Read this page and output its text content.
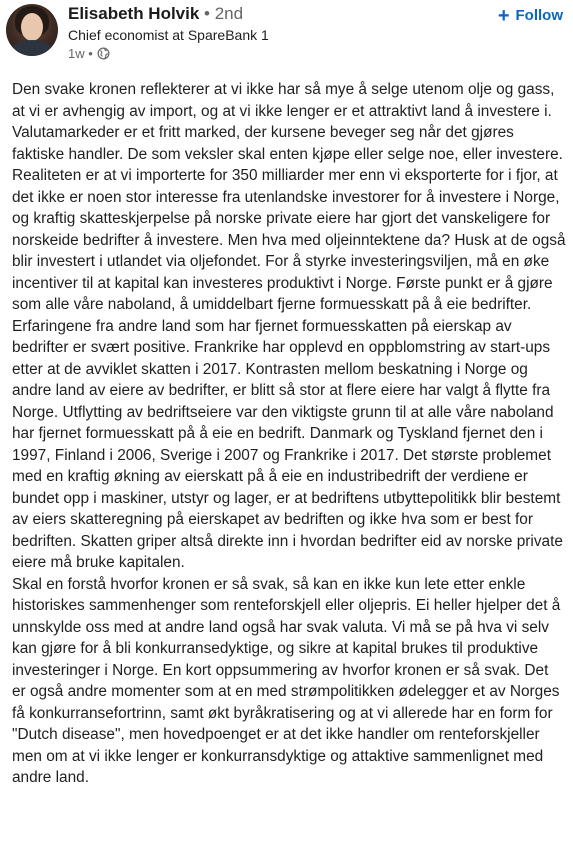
Elisabeth Holvik • 2nd
Chief economist at SpareBank 1
1w •
+ Follow

Den svake kronen reflekterer at vi ikke har så mye å selge utenom olje og gass, at vi er avhengig av import, og at vi ikke lenger er et attraktivt land å investere i. Valutamarkeder er et fritt marked, der kursene beveger seg når det gjøres faktiske handler. De som veksler skal enten kjøpe eller selge noe, eller investere. Realiteten er at vi importerte for 350 milliarder mer enn vi eksporterte for i fjor, at det ikke er noen stor interesse fra utenlandske investorer for å investere i Norge, og kraftig skatteskjerpelse på norske private eiere har gjort det vanskeligere for norskeide bedrifter å investere. Men hva med oljeinntektene da? Husk at de også blir investert i utlandet via oljefondet. For å styrke investeringsviljen, må en øke incentiver til at kapital kan investeres produktivt i Norge. Første punkt er å gjøre som alle våre naboland, å umiddelbart fjerne formuesskatt på å eie bedrifter. Erfaringene fra andre land som har fjernet formuesskatten på eierskap av bedrifter er svært positive. Frankrike har opplevd en oppblomstring av start-ups etter at de avviklet skatten i 2017. Kontrasten mellom beskatning i Norge og andre land av eiere av bedrifter, er blitt så stor at flere eiere har valgt å flytte fra Norge. Utflytting av bedriftseiere var den viktigste grunn til at alle våre naboland har fjernet formuesskatt på å eie en bedrift. Danmark og Tyskland fjernet den i 1997, Finland i 2006, Sverige i 2007 og Frankrike i 2017. Det største problemet med en kraftig økning av eierskatt på å eie en industribedrift der verdiene er bundet opp i maskiner, utstyr og lager, er at bedriftens utbyttepolitikk blir bestemt av eiers skatteregning på eierskapet av bedriften og ikke hva som er best for bedriften. Skatten griper altså direkte inn i hvordan bedrifter eid av norske private eiere må bruke kapitalen.

Skal en forstå hvorfor kronen er så svak, så kan en ikke kun lete etter enkle historiskes sammenhenger som renteforskjell eller oljepris. Ei heller hjelper det å unnskylde oss med at andre land også har svak valuta. Vi må se på hva vi selv kan gjøre for å bli konkurransedyktige, og sikre at kapital brukes til produktive investeringer i Norge. En kort oppsummering av hvorfor kronen er så svak. Det er også andre momenter som at en med strømpolitikken ødelegger et av Norges få konkurransefortrinn, samt økt byråkratisering og at vi allerede har en form for "Dutch disease", men hovedpoenget er at det ikke handler om renteforskjeller men om at vi ikke lenger er konkurransdyktige og attaktive sammenlignet med andre land.
